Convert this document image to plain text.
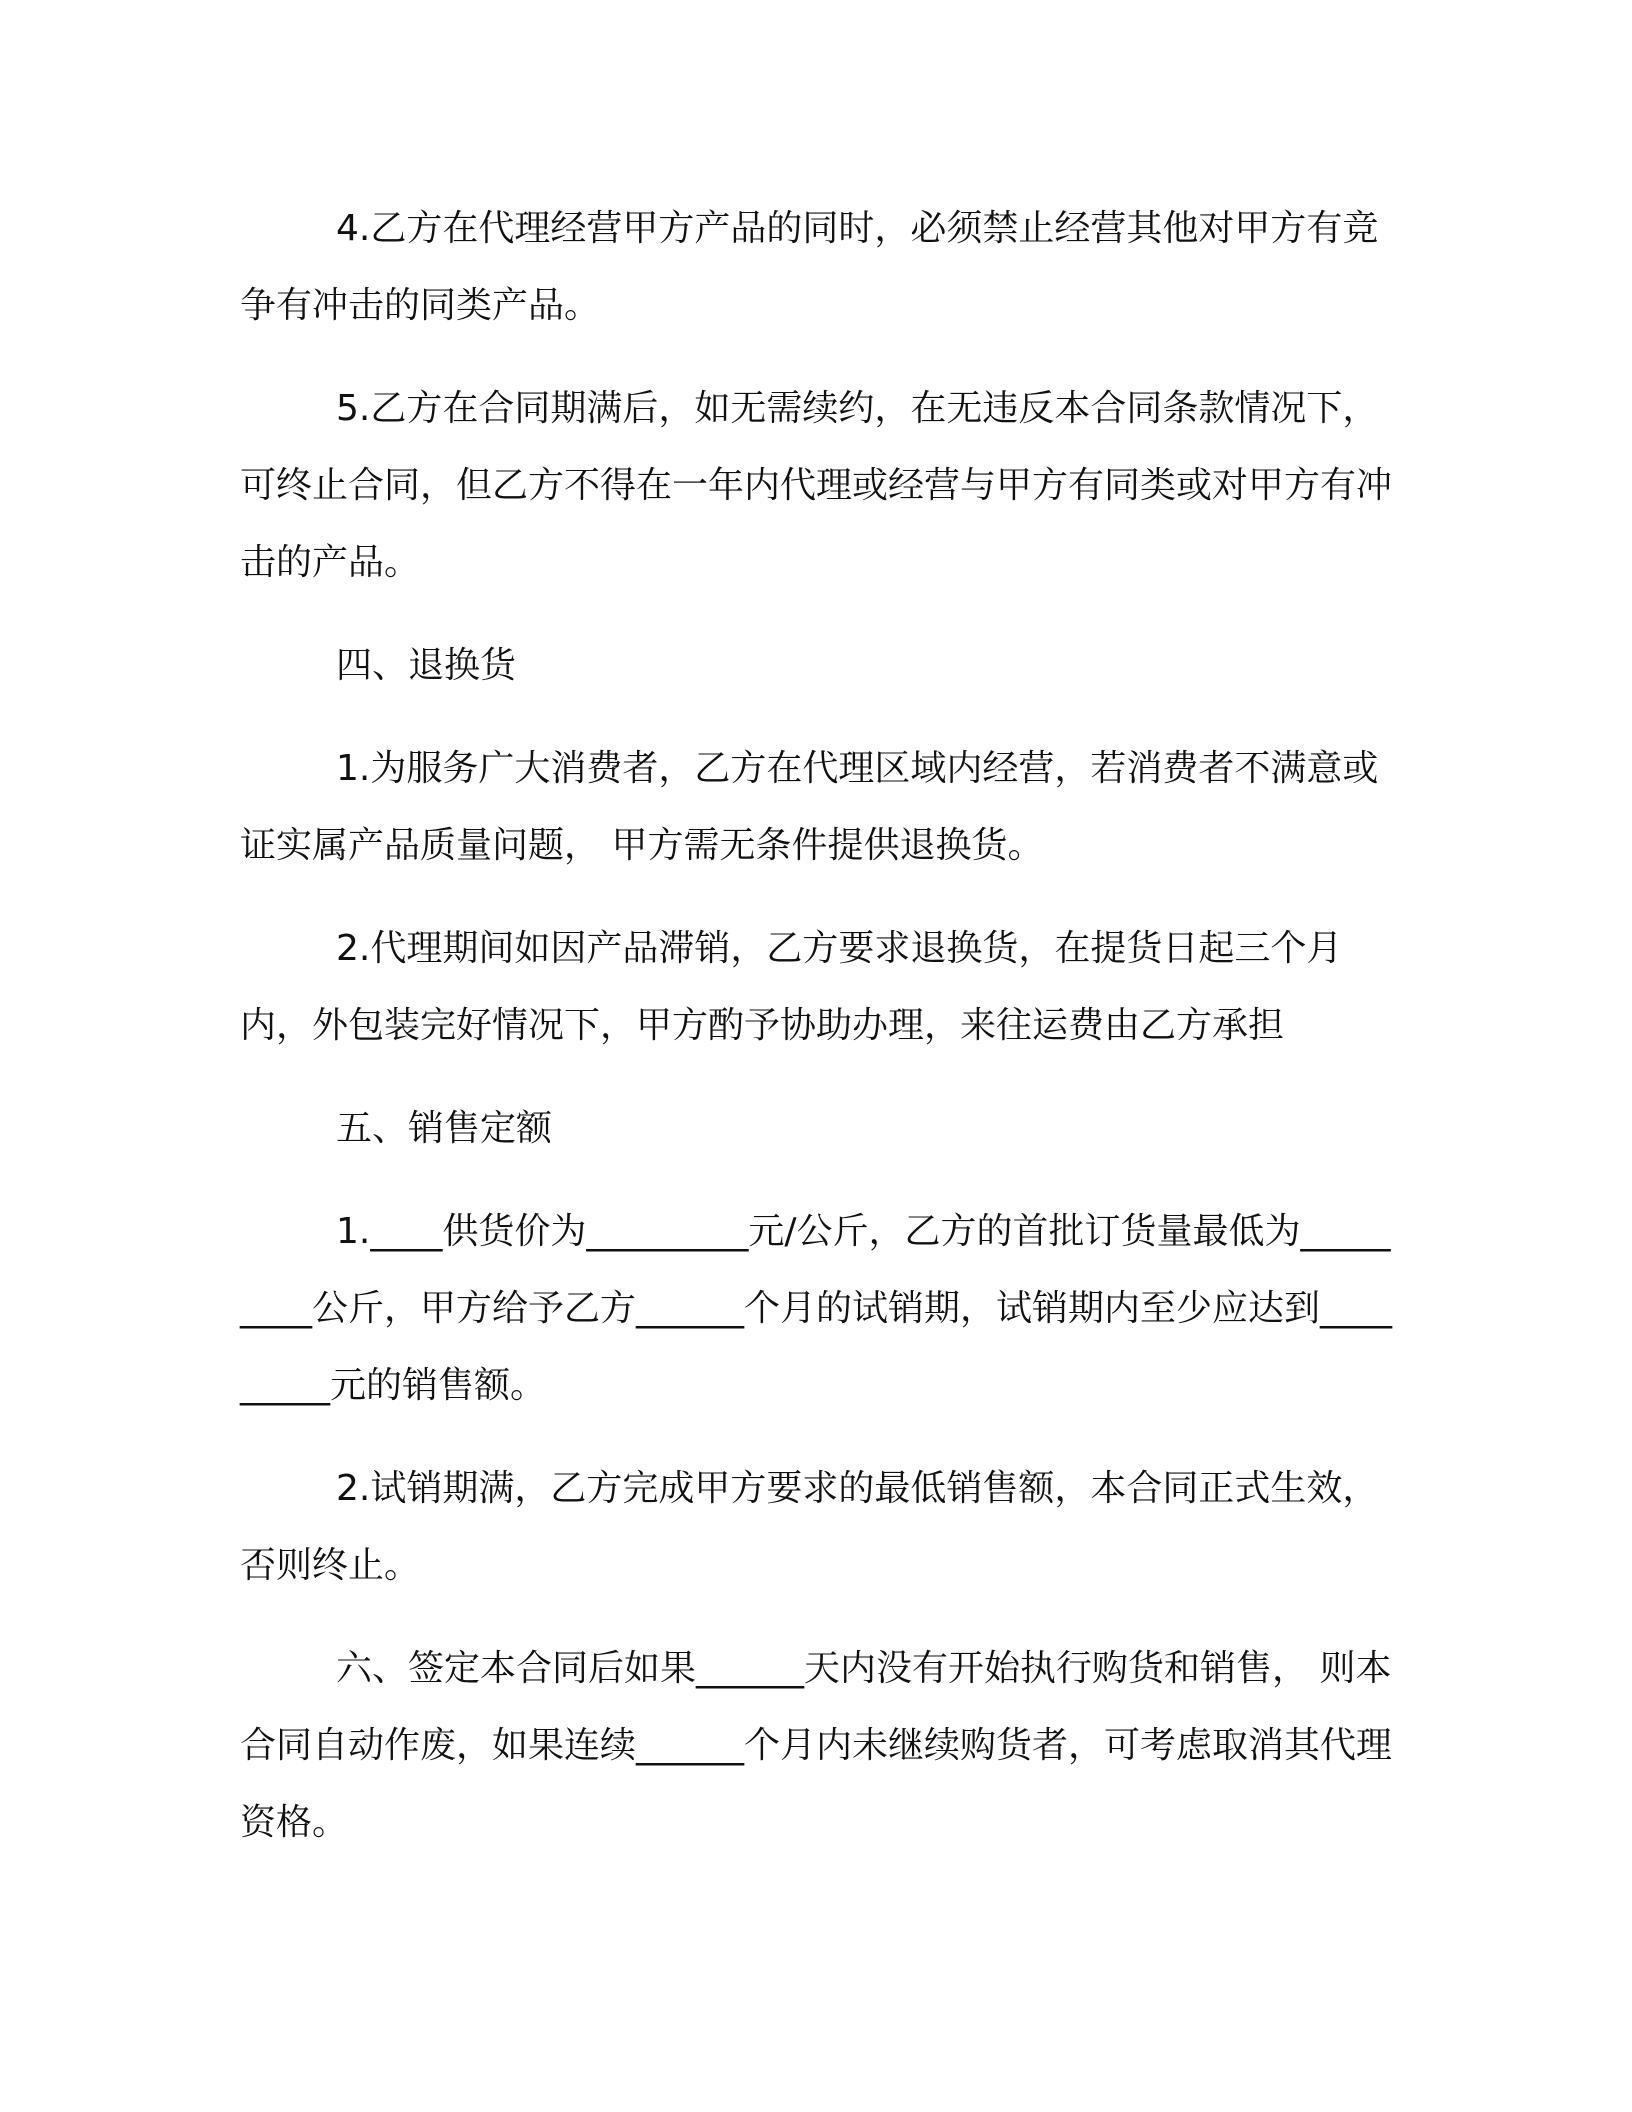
4.乙方在代理经营甲方产品的同时，必须禁止经营其他对甲方有竞争有冲击的同类产品。

5.乙方在合同期满后，如无需续约，在无违反本合同条款情况下，可终止合同，但乙方不得在一年内代理或经营与甲方有同类或对甲方有冲击的产品。

四、退换货

1.为服务广大消费者，乙方在代理区域内经营，若消费者不满意或证实属产品质量问题， 甲方需无条件提供退换货。

2.代理期间如因产品滞销，乙方要求退换货，在提货日起三个月内，外包装完好情况下，甲方酌予协助办理，来往运费由乙方承担

五、销售定额

1.____供货价为_________元/公斤，乙方的首批订货量最低为_________公斤，甲方给予乙方______个月的试销期，试销期内至少应达到_________元的销售额。

2.试销期满，乙方完成甲方要求的最低销售额，本合同正式生效，否则终止。

六、签定本合同后如果______天内没有开始执行购货和销售， 则本合同自动作废，如果连续______个月内未继续购货者，可考虑取消其代理资格。
